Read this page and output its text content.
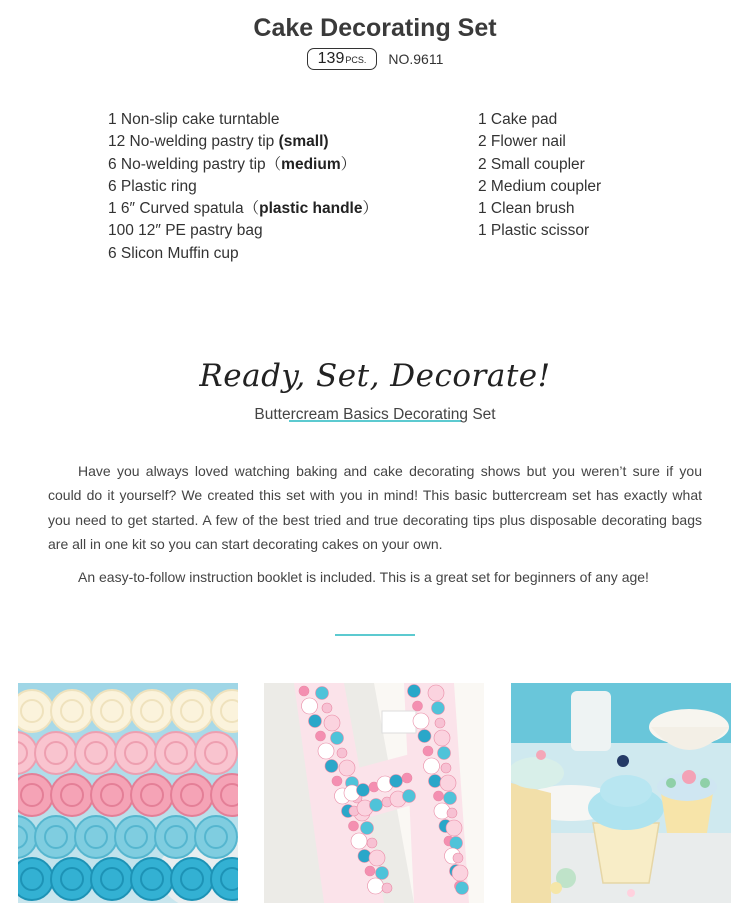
Cake Decorating Set
139 PCS. NO.9611
1 Non-slip cake turntable
12 No-welding pastry tip (small)
6 No-welding pastry tip（medium）
6 Plastic ring
1 6″ Curved spatula（plastic handle）
100 12″ PE pastry bag
6 Slicon Muffin cup
1 Cake pad
2 Flower nail
2 Small coupler
2 Medium coupler
1 Clean brush
1 Plastic scissor
Ready, Set, Decorate!
Buttercream Basics Decorating Set

Have you always loved watching baking and cake decorating shows but you weren’t sure if you could do it yourself? We created this set with you in mind! This basic buttercream set has exactly what you need to get started. A few of the best tried and true decorating tips plus disposable decorating bags are all in one kit so you can start decorating cakes on your own.

An easy-to-follow instruction booklet is included. This is a great set for beginners of any age!
